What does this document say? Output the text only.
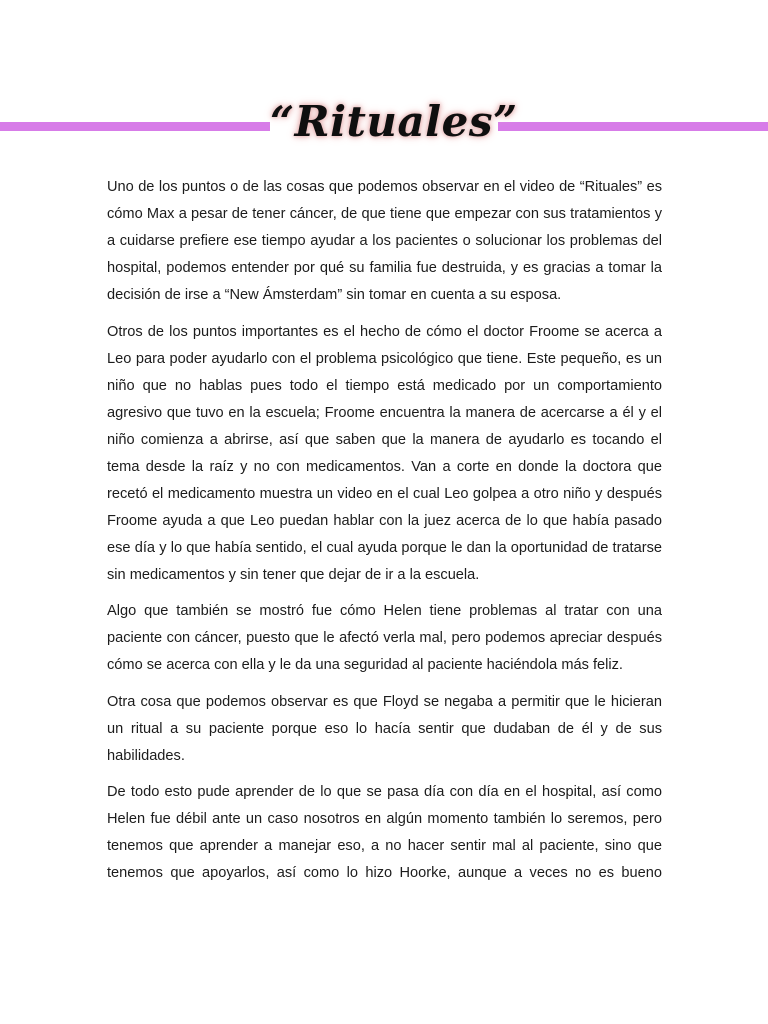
“Rituales”

Uno de los puntos o de las cosas que podemos observar en el video de “Rituales” es cómo Max a pesar de tener cáncer, de que tiene que empezar con sus tratamientos y a cuidarse prefiere ese tiempo ayudar a los pacientes o solucionar los problemas del hospital, podemos entender por qué su familia fue destruida, y es gracias a tomar la decisión de irse a “New Ámsterdam” sin tomar en cuenta a su esposa.

Otros de los puntos importantes es el hecho de cómo el doctor Froome se acerca a Leo para poder ayudarlo con el problema psicológico que tiene. Este pequeño, es un niño que no hablas pues todo el tiempo está medicado por un comportamiento agresivo que tuvo en la escuela; Froome encuentra la manera de acercarse a él y el niño comienza a abrirse, así que saben que la manera de ayudarlo es tocando el tema desde la raíz y no con medicamentos. Van a corte en donde la doctora que recetó el medicamento muestra un video en el cual Leo golpea a otro niño y después Froome ayuda a que Leo puedan hablar con la juez acerca de lo que había pasado ese día y lo que había sentido, el cual ayuda porque le dan la oportunidad de tratarse sin medicamentos y sin tener que dejar de ir a la escuela.

Algo que también se mostró fue cómo Helen tiene problemas al tratar con una paciente con cáncer, puesto que le afectó verla mal, pero podemos apreciar después cómo se acerca con ella y le da una seguridad al paciente haciéndola más feliz.

Otra cosa que podemos observar es que Floyd se negaba a permitir que le hicieran un ritual a su paciente porque eso lo hacía sentir que dudaban de él y de sus habilidades.

De todo esto pude aprender de lo que se pasa día con día en el hospital, así como Helen fue débil ante un caso nosotros en algún momento también lo seremos, pero tenemos que aprender a manejar eso, a no hacer sentir mal al paciente, sino que tenemos que apoyarlos, así como lo hizo Hoorke, aunque a veces no es bueno
